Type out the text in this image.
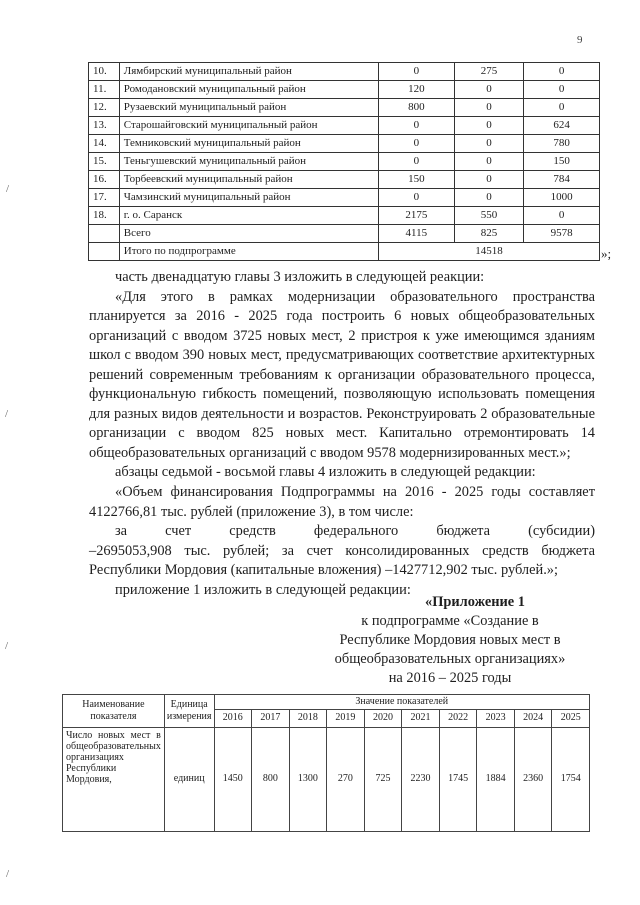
9
10.	Лямбирский муниципальный район	0	275	0
11.	Ромодановский муниципальный район	120	0	0
12.	Рузаевский муниципальный район	800	0	0
13.	Старошайговский муниципальный район	0	0	624
14.	Темниковский муниципальный район	0	0	780
15.	Теньгушевский муниципальный район	0	0	150
16.	Торбеевский муниципальный район	150	0	784
17.	Чамзинский муниципальный район	0	0	1000
18.	г. о. Саранск	2175	550	0
	Всего	4115	825	9578
	Итого по подпрограмме	14518			»;

часть двенадцатую главы 3 изложить в следующей реакции:

«Для этого в рамках модернизации образовательного пространства планируется за 2016 - 2025 года построить 6 новых общеобразовательных организаций с вводом 3725 новых мест, 2 пристроя к уже имеющимся зданиям школ с вводом 390 новых мест, предусматривающих соответствие архитектурных решений современным требованиям к организации образовательного процесса, функциональную гибкость помещений, позволяющую использовать помещения для разных видов деятельности и возрастов. Реконструировать 2 образовательные организации с вводом 825 новых мест. Капитально отремонтировать 14 общеобразовательных организаций с вводом 9578 модернизированных мест.»;

абзацы седьмой - восьмой главы 4 изложить в следующей редакции:

«Объем финансирования Подпрограммы на 2016 - 2025 годы составляет 4122766,81 тыс. рублей (приложение 3), в том числе:

за счет средств федерального бюджета (субсидии)

–2695053,908 тыс. рублей; за счет консолидированных средств бюджета Республики Мордовия (капитальные вложения) –1427712,902 тыс. рублей.»;

приложение 1 изложить в следующей редакции:

«Приложение 1
к подпрограмме «Создание в
Республике Мордовия новых мест в
общеобразовательных организациях»
на 2016 – 2025 годы
Наименование показателя	Единица измерения	Значение показателей									
		2016	2017	2018	2019	2020	2021	2022	2023	2024	2025
Число новых мест в общеобразовательных организациях Республики Мордовия,	единиц	1450	800	1300	270	725	2230	1745	1884	2360	1754
/
/
/
/
